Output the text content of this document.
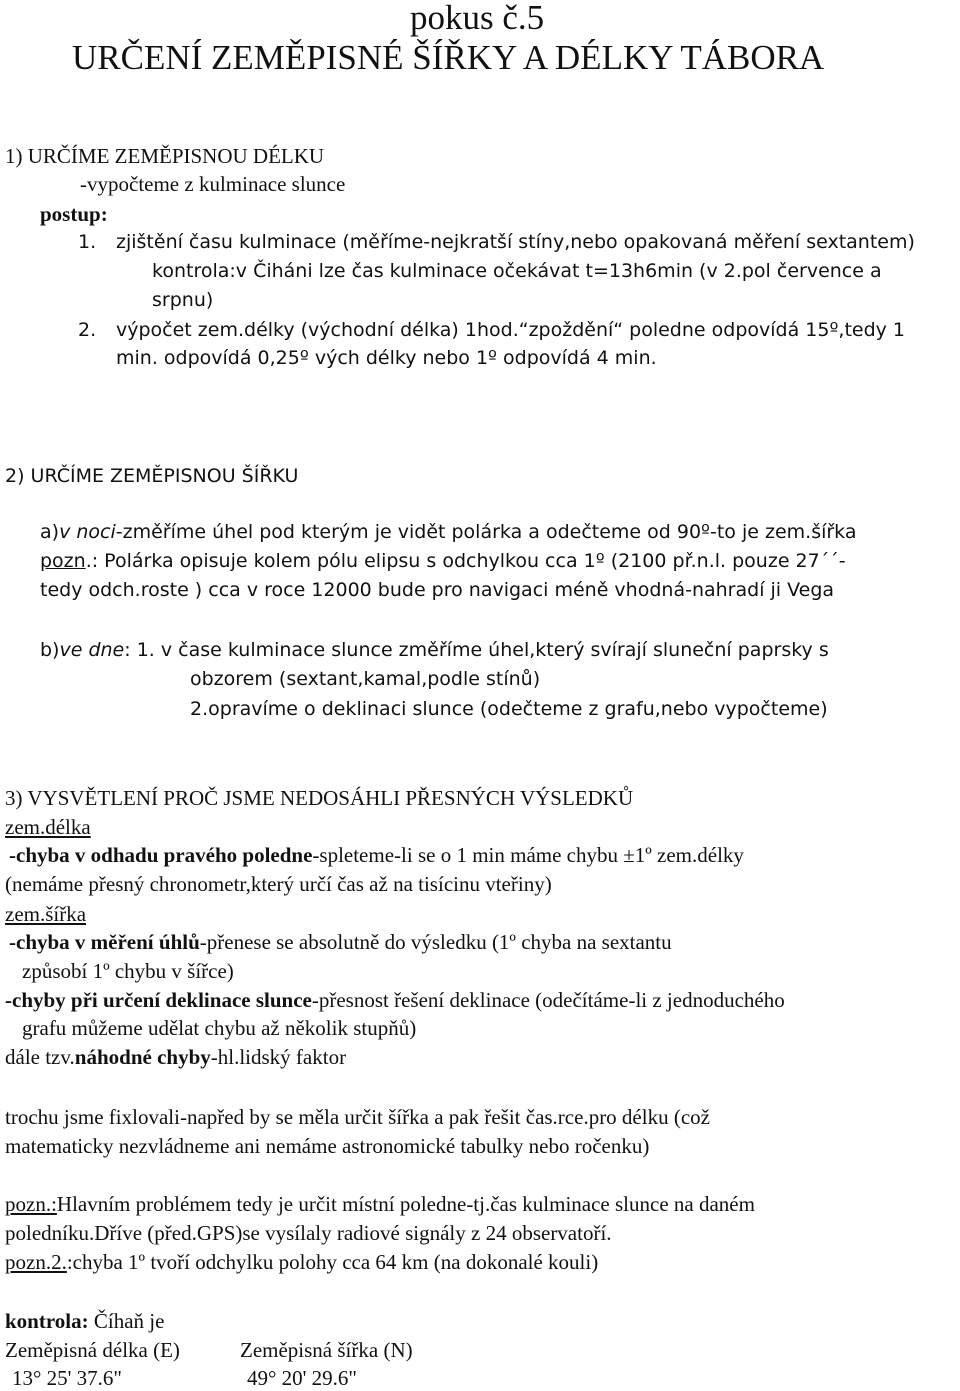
pokus č.5
URČENÍ ZEMĚPISNÉ ŠÍŘKY A DÉLKY TÁBORA
1) URČÍME ZEMĚPISNOU DÉLKU
-vypočteme z kulminace slunce
postup:
1. zjištění času kulminace (měříme-nejkratší stíny,nebo opakovaná měření sextantem)
kontrola:v Čiháni lze čas kulminace očekávat t=13h6min (v 2.pol července a
srpnu)
2. výpočet zem.délky (východní délka) 1hod.“zpoždění“ poledne odpovídá 15º,tedy 1
min. odpovídá 0,25º vých délky nebo 1º odpovídá 4 min.
2) URČÍME ZEMĚPISNOU ŠÍŘKU
a)v noci-změříme úhel pod kterým je vidět polárka a odečteme od 90º-to je zem.šířka
pozn.: Polárka opisuje kolem pólu elipsu s odchylkou cca 1º (2100 př.n.l. pouze 27´´-
tedy odch.roste ) cca v roce 12000 bude pro navigaci méně vhodná-nahradí ji Vega
b)ve dne: 1. v čase kulminace slunce změříme úhel,který svírají sluneční paprsky s
obzorem (sextant,kamal,podle stínů)
2.opravíme o deklinaci slunce (odečteme z grafu,nebo vypočteme)
3) VYSVĚTLENÍ PROČ JSME NEDOSÁHLI PŘESNÝCH VÝSLEDKŮ
zem.délka
-chyba v odhadu pravého poledne-spleteme-li se o 1 min máme chybu ±1º zem.délky
(nemáme přesný chronometr,který určí čas až na tisícinu vteřiny)
zem.šířka
-chyba v měření úhlů-přenese se absolutně do výsledku (1º chyba na sextantu
způsobí 1º chybu v šířce)
-chyby při určení deklinace slunce-přesnost řešení deklinace (odečítáme-li z jednoduchého
grafu můžeme udělat chybu až několik stupňů)
dále tzv.náhodné chyby-hl.lidský faktor
trochu jsme fixlovali-napřed by se měla určit šířka a pak řešit čas.rce.pro délku (což
matematicky nezvládneme ani nemáme astronomické tabulky nebo ročenku)
pozn.:Hlavním problémem tedy je určit místní poledne-tj.čas kulminace slunce na daném
poledníku.Dříve (před.GPS)se vysílaly radiové signály z 24 observatoří.
pozn.2.:chyba 1º tvoří odchylku polohy cca 64 km (na dokonalé kouli)
kontrola: Číhaň je
Zeměpisná délka (E)	Zeměpisná šířka (N)
13° 25' 37.6"	49° 20' 29.6"
